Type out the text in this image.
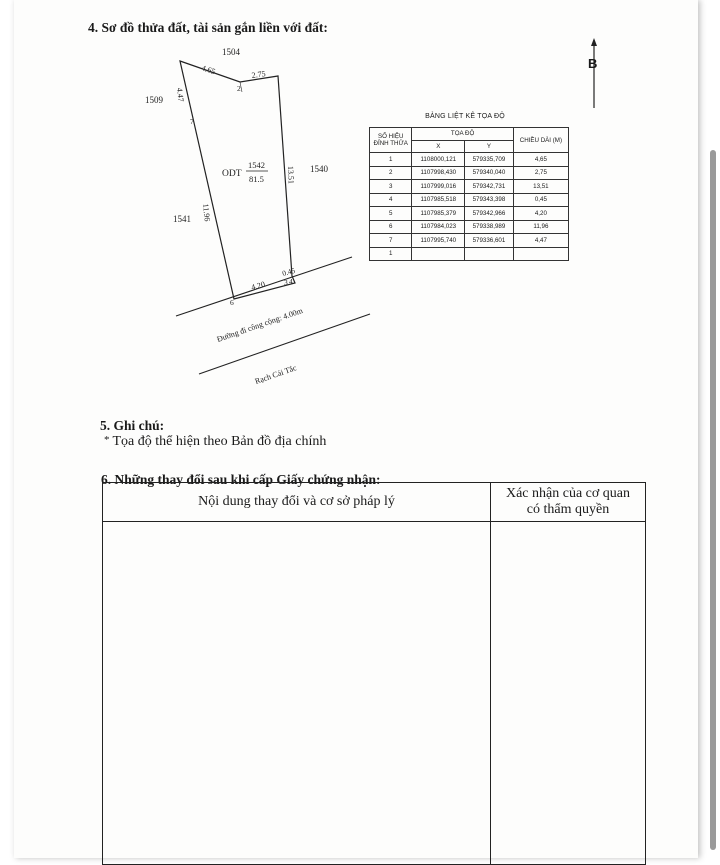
4. Sơ đồ thửa đất, tài sản gắn liền với đất:
1504
1509
1540
1541
ODT
1542
81.5
4.65	2.75
13.51
0.45
4.20
11.96
4.47	2
3 4
6
7
Đường đi công cộng: 4.00m
Rạch Cái Tắc
B
BẢNG LIỆT KÊ TỌA ĐỘ
SỐ HIỆU ĐỈNH THỬA	TỌA ĐỘ		CHIỀU DÀI (M)
	X	Y	
1	1108000,121	579335,709	4,65
2	1107998,430	579340,040	2,75
3	1107999,016	579342,731	13,51
4	1107985,518	579343,398	0,45
5	1107985,379	579342,966	4,20
6	1107984,023	579338,989	11,96
7	1107995,740	579336,601	4,47
1			
5. Ghi chú:
* Tọa độ thể hiện theo Bản đồ địa chính
6. Những thay đổi sau khi cấp Giấy chứng nhận:
Nội dung thay đổi và cơ sở pháp lý	Xác nhận của cơ quan
có thẩm quyền
